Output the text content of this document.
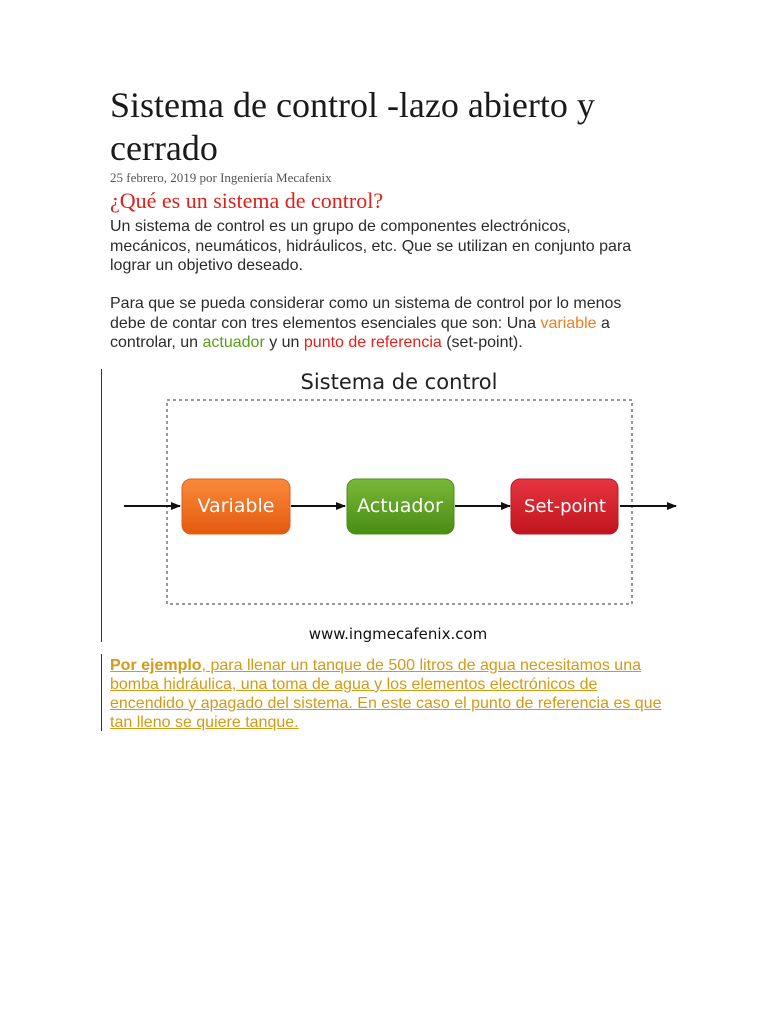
Sistema de control -lazo abierto y cerrado

25 febrero, 2019 por Ingeniería Mecafenix

¿Qué es un sistema de control?

Un sistema de control es un grupo de componentes electrónicos, mecánicos, neumáticos, hidráulicos, etc. Que se utilizan en conjunto para lograr un objetivo deseado.

Para que se pueda considerar como un sistema de control por lo menos debe de contar con tres elementos esenciales que son: Una variable a controlar, un actuador y un punto de referencia (set-point).

Sistema de control
Variable	Actuador	Set-point
www.ingmecafenix.com

Por ejemplo, para llenar un tanque de 500 litros de agua necesitamos una bomba hidráulica, una toma de agua y los elementos electrónicos de encendido y apagado del sistema. En este caso el punto de referencia es que tan lleno se quiere tanque.
